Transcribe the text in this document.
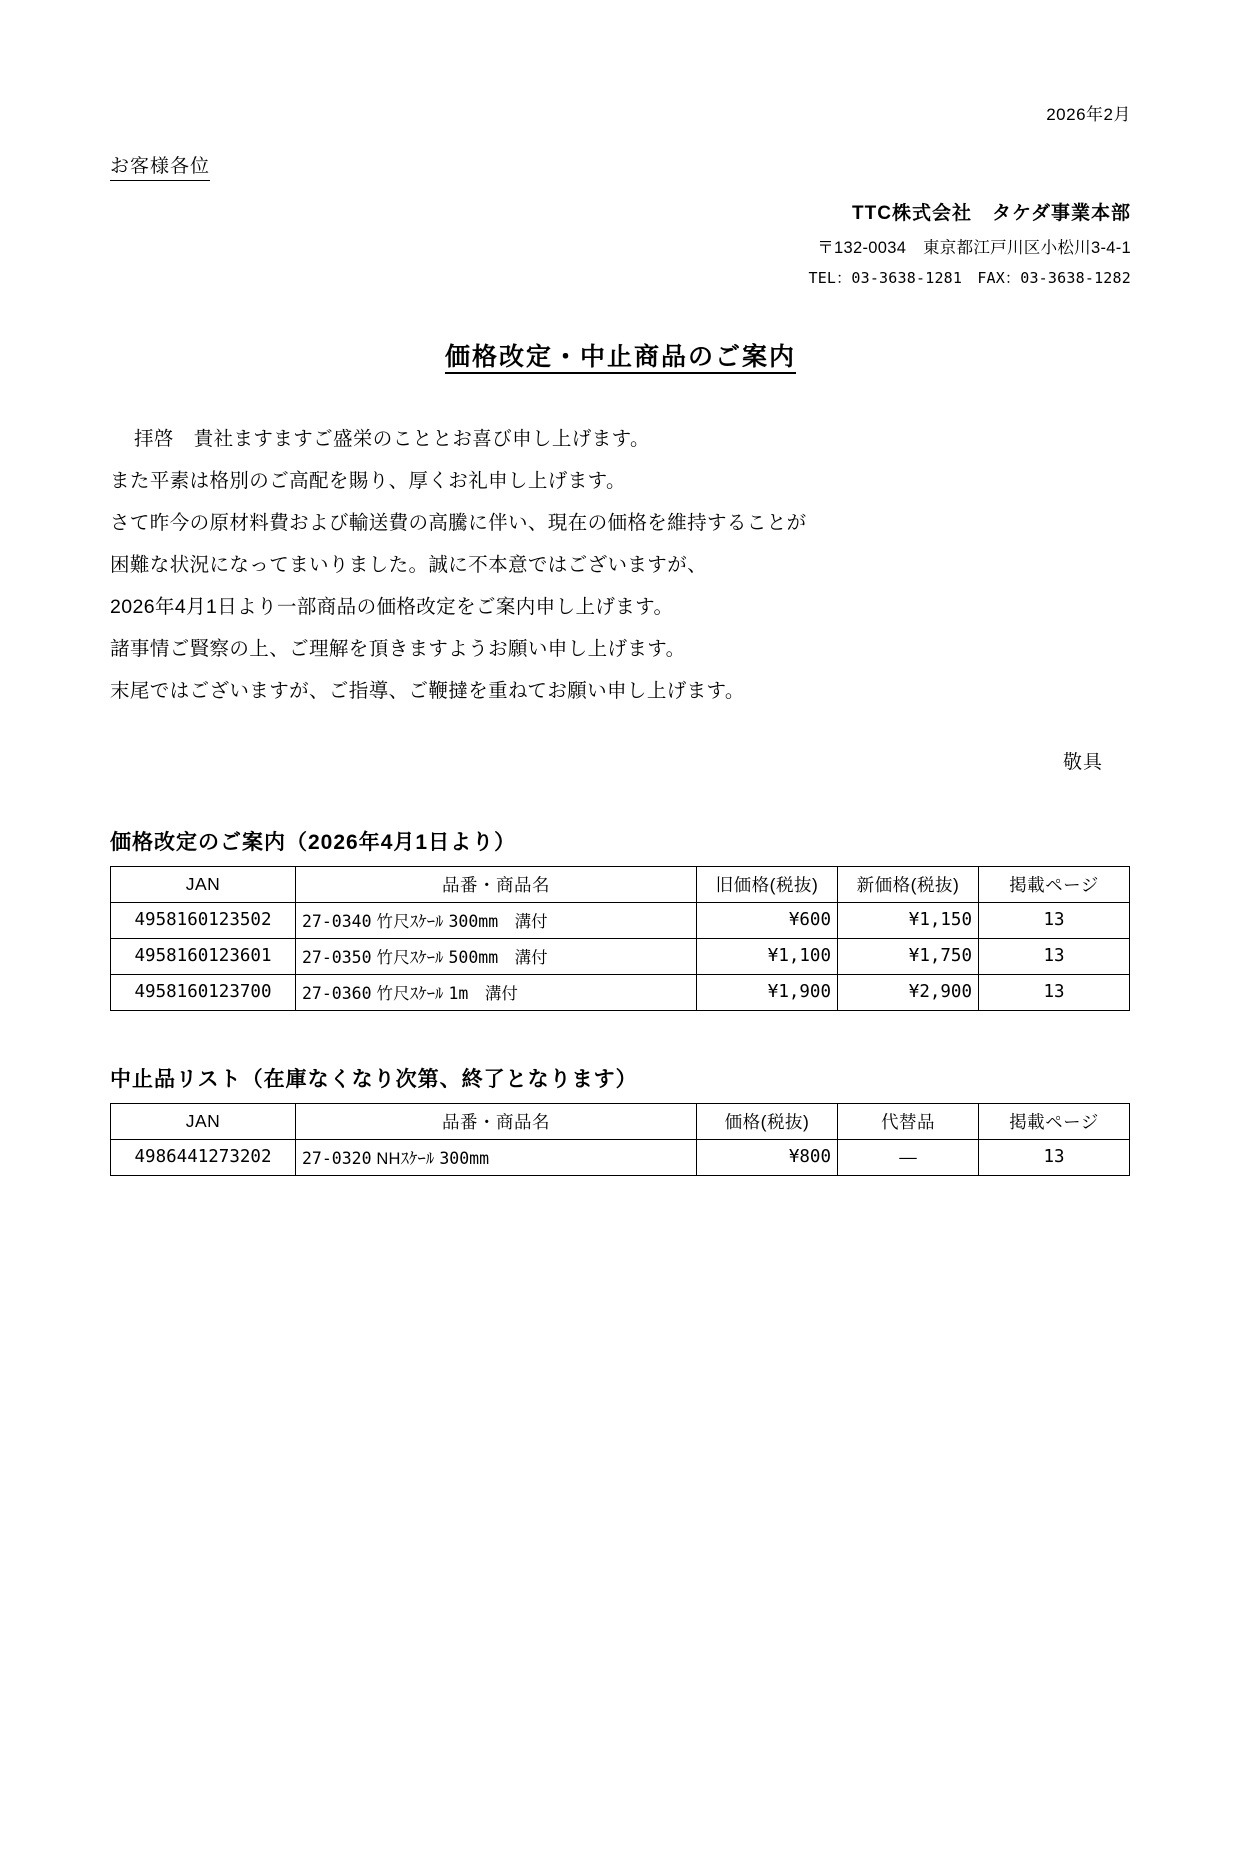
2026年2月
お客様各位
TTC株式会社　タケダ事業本部
〒132-0034　東京都江戸川区小松川3-4-1
TEL：03-3638-1281　FAX：03-3638-1282
価格改定・中止商品のご案内
拝啓　貴社ますますご盛栄のこととお喜び申し上げます。
また平素は格別のご高配を賜り、厚くお礼申し上げます。
さて昨今の原材料費および輸送費の高騰に伴い、現在の価格を維持することが
困難な状況になってまいりました。誠に不本意ではございますが、
2026年4月1日より一部商品の価格改定をご案内申し上げます。
諸事情ご賢察の上、ご理解を頂きますようお願い申し上げます。
末尾ではございますが、ご指導、ご鞭撻を重ねてお願い申し上げます。
敬具
価格改定のご案内（2026年4月1日より）
JAN	品番・商品名	旧価格(税抜)	新価格(税抜)	掲載ページ
4958160123502	27-0340 竹尺ｽｹｰﾙ 300mm　溝付	¥600	¥1,150	13
4958160123601	27-0350 竹尺ｽｹｰﾙ 500mm　溝付	¥1,100	¥1,750	13
4958160123700	27-0360 竹尺ｽｹｰﾙ 1m　溝付	¥1,900	¥2,900	13
中止品リスト（在庫なくなり次第、終了となります）
JAN	品番・商品名	価格(税抜)	代替品	掲載ページ
4986441273202	27-0320 NHｽｹｰﾙ 300mm	¥800	—	13
